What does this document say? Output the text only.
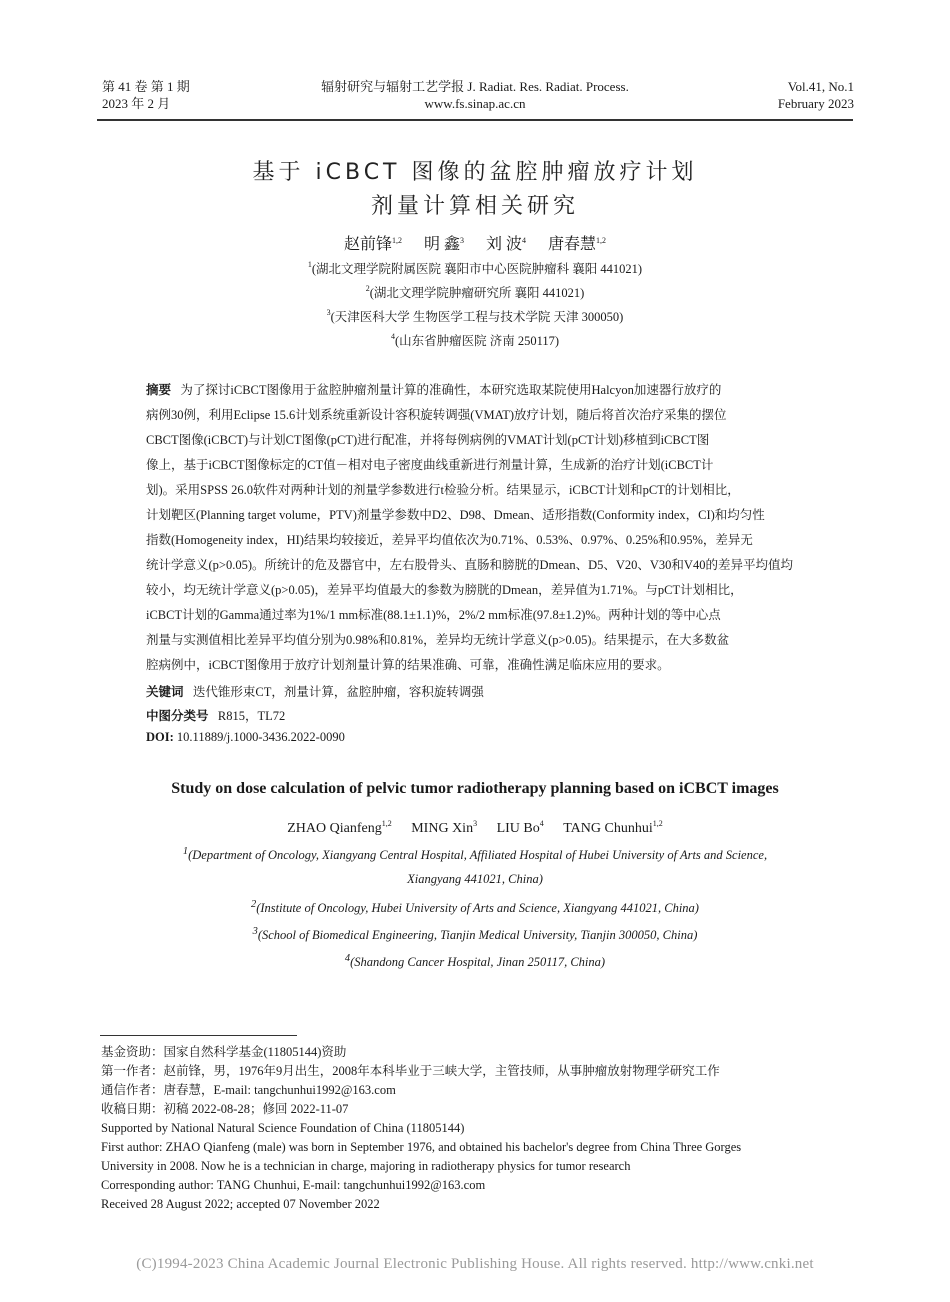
第 41 卷 第 1 期
2023 年 2 月
辐射研究与辐射工艺学报 J. Radiat. Res. Radiat. Process.
www.fs.sinap.ac.cn
Vol.41, No.1
February 2023
基于 iCBCT 图像的盆腔肿瘤放疗计划
剂量计算相关研究
赵前锋$^{1,2}$ 明 鑫$^3$ 刘 波$^4$ 唐春慧$^{1,2}$
$^1$(湖北文理学院附属医院 襄阳市中心医院肿瘤科 襄阳 441021)
$^2$(湖北文理学院肿瘤研究所 襄阳 441021)
$^3$(天津医科大学 生物医学工程与技术学院 天津 300050)
$^4$(山东省肿瘤医院 济南 250117)
摘要 为了探讨iCBCT图像用于盆腔肿瘤剂量计算的准确性，本研究选取某院使用Halcyon加速器行放疗的
病例30例，利用Eclipse 15.6计划系统重新设计容积旋转调强(VMAT)放疗计划，随后将首次治疗采集的摆位
CBCT图像(iCBCT)与计划CT图像(pCT)进行配准，并将每例病例的VMAT计划(pCT计划)移植到iCBCT图
像上，基于iCBCT图像标定的CT值－相对电子密度曲线重新进行剂量计算，生成新的治疗计划(iCBCT计
划)。采用SPSS 26.0软件对两种计划的剂量学参数进行t检验分析。结果显示，iCBCT计划和pCT的计划相比，
计划靶区(Planning target volume，PTV)剂量学参数中D2、D98、Dmean、适形指数(Conformity index，CI)和均匀性
指数(Homogeneity index，HI)结果均较接近，差异平均值依次为0.71%、0.53%、0.97%、0.25%和0.95%，差异无
统计学意义(p>0.05)。所统计的危及器官中，左右股骨头、直肠和膀胱的Dmean、D5、V20、V30和V40的差异平均值均
较小，均无统计学意义(p>0.05)，差异平均值最大的参数为膀胱的Dmean，差异值为1.71%。与pCT计划相比，
iCBCT计划的Gamma通过率为1%/1 mm标准(88.1±1.1)%，2%/2 mm标准(97.8±1.2)%。两种计划的等中心点
剂量与实测值相比差异平均值分别为0.98%和0.81%，差异均无统计学意义(p>0.05)。结果提示，在大多数盆
腔病例中，iCBCT图像用于放疗计划剂量计算的结果准确、可靠，准确性满足临床应用的要求。
关键词 迭代锥形束CT，剂量计算，盆腔肿瘤，容积旋转调强
中图分类号 R815，TL72
DOI: 10.11889/j.1000-3436.2022-0090
Study on dose calculation of pelvic tumor radiotherapy planning based on iCBCT images
ZHAO Qianfeng$^{1,2}$ MING Xin$^3$ LIU Bo$^4$ TANG Chunhui$^{1,2}$
$^1$(Department of Oncology, Xiangyang Central Hospital, Affiliated Hospital of Hubei University of Arts and Science,
Xiangyang 441021, China)
$^2$(Institute of Oncology, Hubei University of Arts and Science, Xiangyang 441021, China)
$^3$(School of Biomedical Engineering, Tianjin Medical University, Tianjin 300050, China)
$^4$(Shandong Cancer Hospital, Jinan 250117, China)
基金资助：国家自然科学基金(11805144)资助
第一作者：赵前锋，男，1976年9月出生，2008年本科毕业于三峡大学，主管技师，从事肿瘤放射物理学研究工作
通信作者：唐春慧，E-mail: tangchunhui1992@163.com
收稿日期：初稿 2022-08-28；修回 2022-11-07
Supported by National Natural Science Foundation of China (11805144)
First author: ZHAO Qianfeng (male) was born in September 1976, and obtained his bachelor's degree from China Three Gorges
University in 2008. Now he is a technician in charge, majoring in radiotherapy physics for tumor research
Corresponding author: TANG Chunhui, E-mail: tangchunhui1992@163.com
Received 28 August 2022; accepted 07 November 2022
(C)1994-2023 China Academic Journal Electronic Publishing House. All rights reserved. http://www.cnki.net
